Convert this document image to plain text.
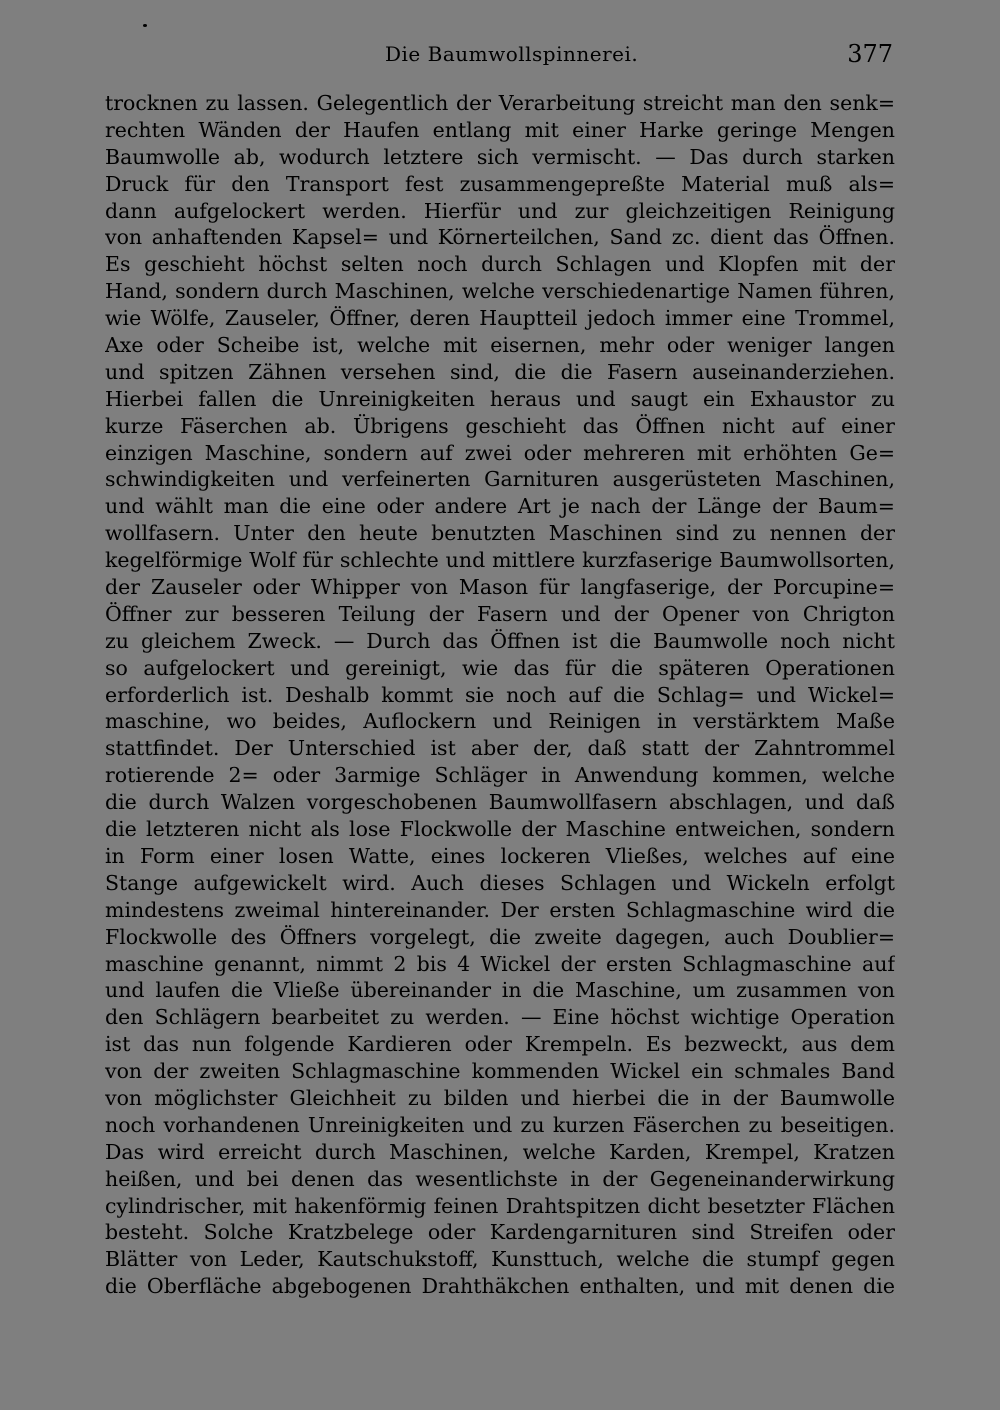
Die Baumwollspinnerei.	377
trocknen zu lassen. Gelegentlich der Verarbeitung streicht man den senk=
rechten Wänden der Haufen entlang mit einer Harke geringe Mengen
Baumwolle ab, wodurch letztere sich vermischt. — Das durch starken
Druck für den Transport fest zusammengepreßte Material muß als=
dann aufgelockert werden. Hierfür und zur gleichzeitigen Reinigung
von anhaftenden Kapsel= und Körnerteilchen, Sand zc. dient das Öffnen.
Es geschieht höchst selten noch durch Schlagen und Klopfen mit der
Hand, sondern durch Maschinen, welche verschiedenartige Namen führen,
wie Wölfe, Zauseler, Öffner, deren Hauptteil jedoch immer eine Trommel,
Axe oder Scheibe ist, welche mit eisernen, mehr oder weniger langen
und spitzen Zähnen versehen sind, die die Fasern auseinanderziehen.
Hierbei fallen die Unreinigkeiten heraus und saugt ein Exhaustor zu
kurze Fäserchen ab. Übrigens geschieht das Öffnen nicht auf einer
einzigen Maschine, sondern auf zwei oder mehreren mit erhöhten Ge=
schwindigkeiten und verfeinerten Garnituren ausgerüsteten Maschinen,
und wählt man die eine oder andere Art je nach der Länge der Baum=
wollfasern. Unter den heute benutzten Maschinen sind zu nennen der
kegelförmige Wolf für schlechte und mittlere kurzfaserige Baumwollsorten,
der Zauseler oder Whipper von Mason für langfaserige, der Porcupine=
Öffner zur besseren Teilung der Fasern und der Opener von Chrigton
zu gleichem Zweck. — Durch das Öffnen ist die Baumwolle noch nicht
so aufgelockert und gereinigt, wie das für die späteren Operationen
erforderlich ist. Deshalb kommt sie noch auf die Schlag= und Wickel=
maschine, wo beides, Auflockern und Reinigen in verstärktem Maße
stattfindet. Der Unterschied ist aber der, daß statt der Zahntrommel
rotierende 2= oder 3armige Schläger in Anwendung kommen, welche
die durch Walzen vorgeschobenen Baumwollfasern abschlagen, und daß
die letzteren nicht als lose Flockwolle der Maschine entweichen, sondern
in Form einer losen Watte, eines lockeren Vließes, welches auf eine
Stange aufgewickelt wird. Auch dieses Schlagen und Wickeln erfolgt
mindestens zweimal hintereinander. Der ersten Schlagmaschine wird die
Flockwolle des Öffners vorgelegt, die zweite dagegen, auch Doublier=
maschine genannt, nimmt 2 bis 4 Wickel der ersten Schlagmaschine auf
und laufen die Vließe übereinander in die Maschine, um zusammen von
den Schlägern bearbeitet zu werden. — Eine höchst wichtige Operation
ist das nun folgende Kardieren oder Krempeln. Es bezweckt, aus dem
von der zweiten Schlagmaschine kommenden Wickel ein schmales Band
von möglichster Gleichheit zu bilden und hierbei die in der Baumwolle
noch vorhandenen Unreinigkeiten und zu kurzen Fäserchen zu beseitigen.
Das wird erreicht durch Maschinen, welche Karden, Krempel, Kratzen
heißen, und bei denen das wesentlichste in der Gegeneinanderwirkung
cylindrischer, mit hakenförmig feinen Drahtspitzen dicht besetzter Flächen
besteht. Solche Kratzbelege oder Kardengarnituren sind Streifen oder
Blätter von Leder, Kautschukstoff, Kunsttuch, welche die stumpf gegen
die Oberfläche abgebogenen Drahthäkchen enthalten, und mit denen die
